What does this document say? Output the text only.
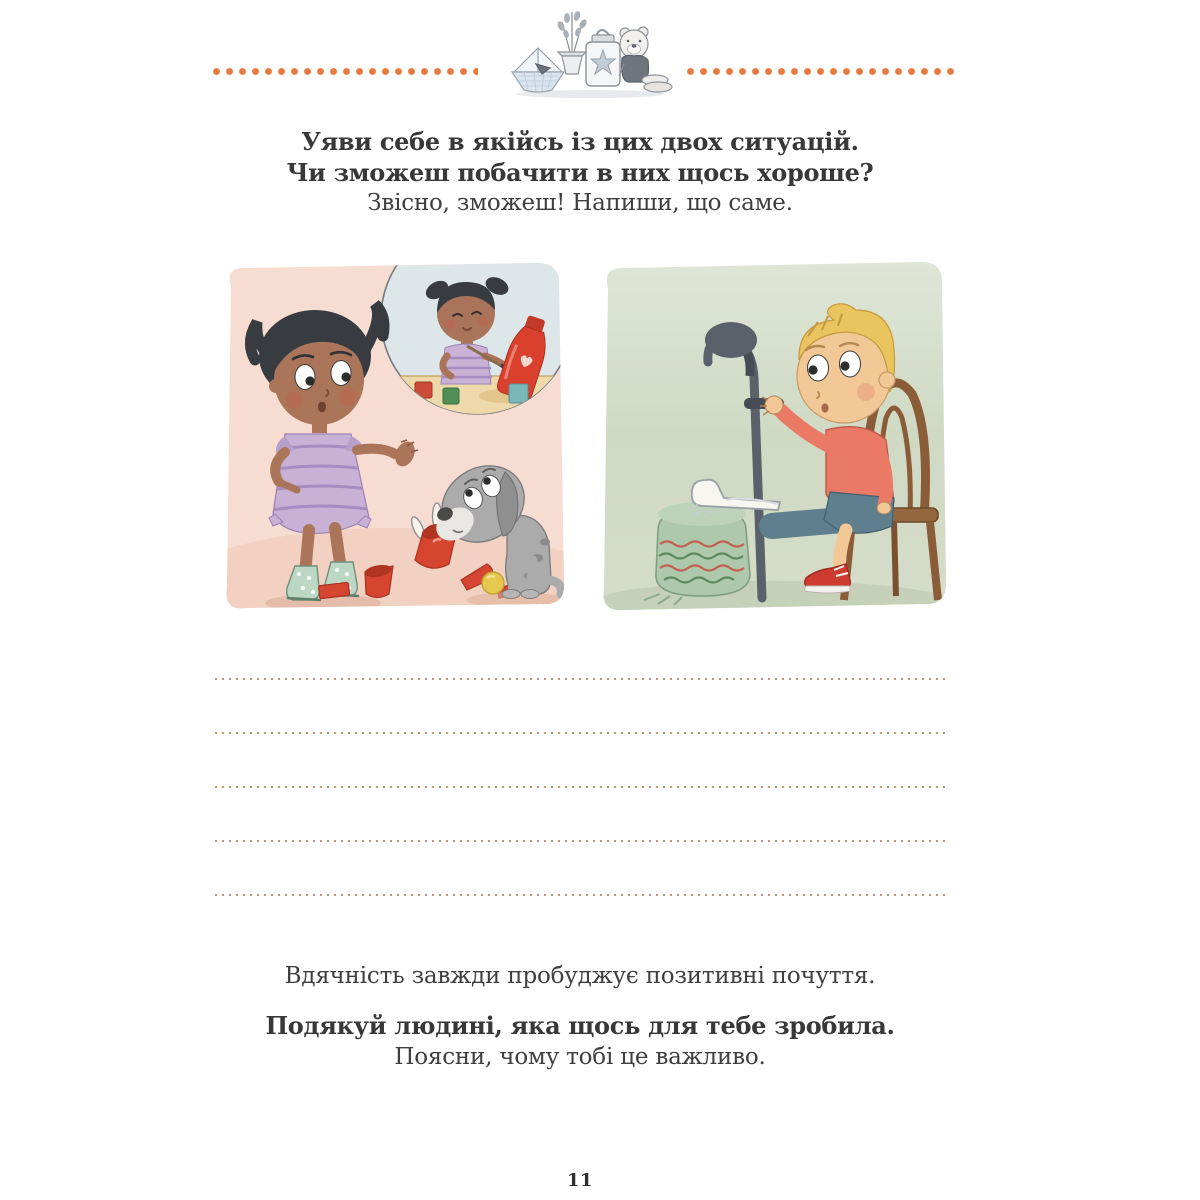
Уяви себе в якійсь із цих двох ситуацій.
Чи зможеш побачити в них щось хороше?
Звісно, зможеш! Напиши, що саме.
Вдячність завжди пробуджує позитивні почуття.
Подякуй людині, яка щось для тебе зробила.
Поясни, чому тобі це важливо.
11
